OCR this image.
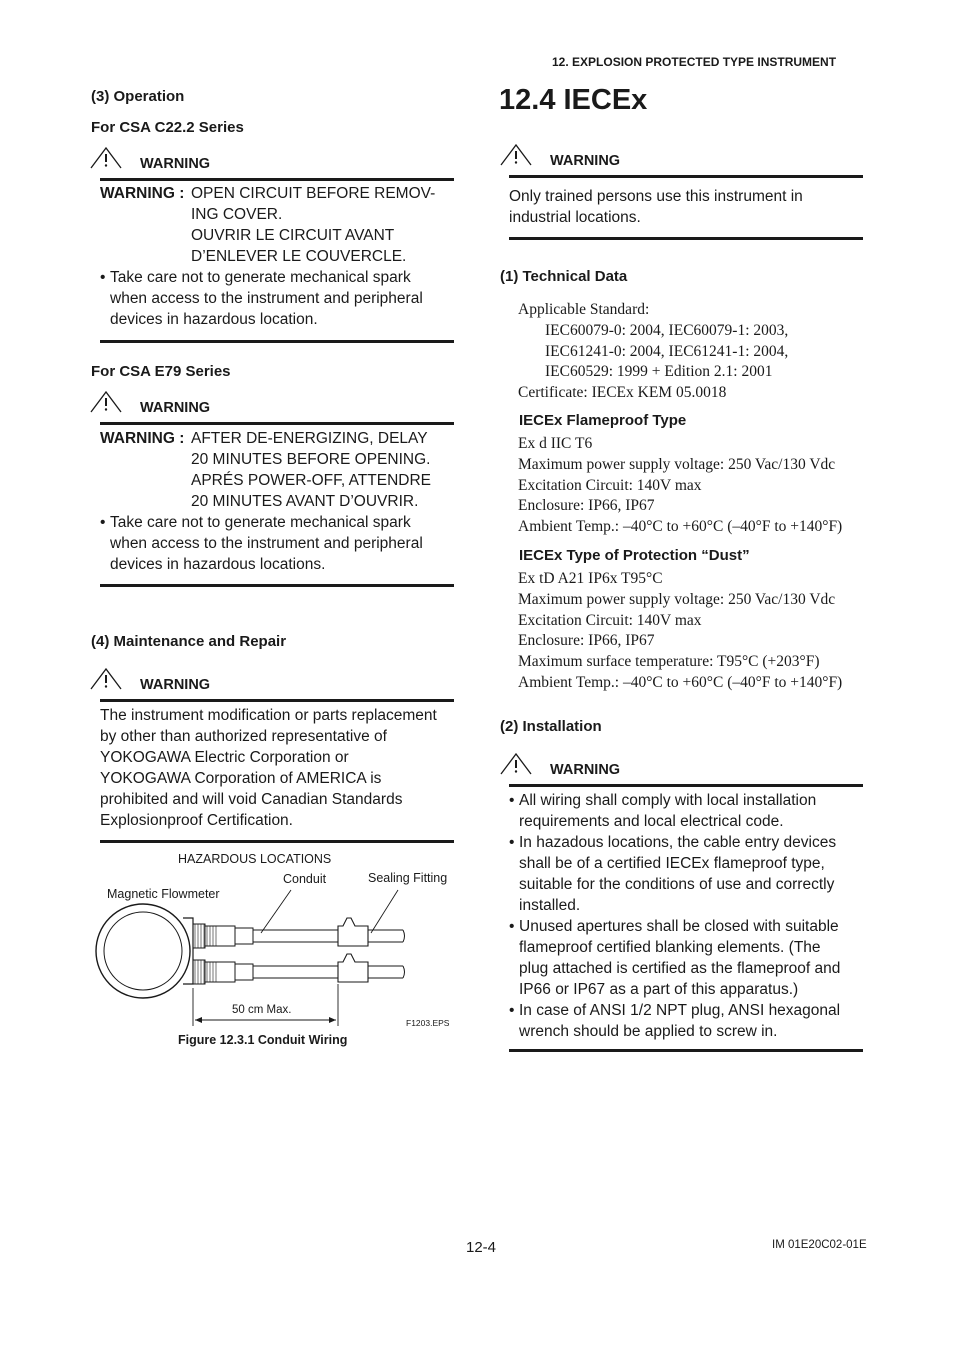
12. EXPLOSION PROTECTED TYPE INSTRUMENT
(3) Operation
For CSA C22.2 Series
WARNING
WARNING : OPEN CIRCUIT BEFORE REMOV-
ING COVER.
OUVRIR LE CIRCUIT AVANT
D’ENLEVER LE COUVERCLE.
• Take care not to generate mechanical spark
when access to the instrument and peripheral
devices in hazardous location.
For CSA E79 Series
WARNING
WARNING : AFTER DE-ENERGIZING, DELAY
20 MINUTES BEFORE OPENING.
APRÉS POWER-OFF, ATTENDRE
20 MINUTES AVANT D’OUVRIR.
• Take care not to generate mechanical spark
when access to the instrument and peripheral
devices in hazardous locations.
(4) Maintenance and Repair
WARNING
The instrument modification or parts replacement
by other than authorized representative of
YOKOGAWA Electric Corporation or
YOKOGAWA Corporation of AMERICA is
prohibited and will void Canadian Standards
Explosionproof Certification.
HAZARDOUS LOCATIONS
Conduit	Sealing Fitting
Magnetic Flowmeter
50 cm Max.
F1203.EPS
Figure 12.3.1 Conduit Wiring
12.4 IECEx
WARNING
Only trained persons use this instrument in
industrial locations.
(1) Technical Data
Applicable Standard:
IEC60079-0: 2004, IEC60079-1: 2003,
IEC61241-0: 2004, IEC61241-1: 2004,
IEC60529: 1999 + Edition 2.1: 2001
Certificate: IECEx KEM 05.0018
IECEx Flameproof Type
Ex d IIC T6
Maximum power supply voltage: 250 Vac/130 Vdc
Excitation Circuit: 140V max
Enclosure: IP66, IP67
Ambient Temp.: –40°C to +60°C (–40°F to +140°F)
IECEx Type of Protection “Dust”
Ex tD A21 IP6x T95°C
Maximum power supply voltage: 250 Vac/130 Vdc
Excitation Circuit: 140V max
Enclosure: IP66, IP67
Maximum surface temperature: T95°C (+203°F)
Ambient Temp.: –40°C to +60°C (–40°F to +140°F)
(2) Installation
WARNING
• All wiring shall comply with local installation
requirements and local electrical code.
• In hazadous locations, the cable entry devices
shall be of a certified IECEx flameproof type,
suitable for the conditions of use and correctly
installed.
• Unused apertures shall be closed with suitable
flameproof certified blanking elements. (The
plug attached is certified as the flameproof and
IP66 or IP67 as a part of this apparatus.)
• In case of ANSI 1/2 NPT plug, ANSI hexagonal
wrench should be applied to screw in.
12-4	IM 01E20C02-01E
